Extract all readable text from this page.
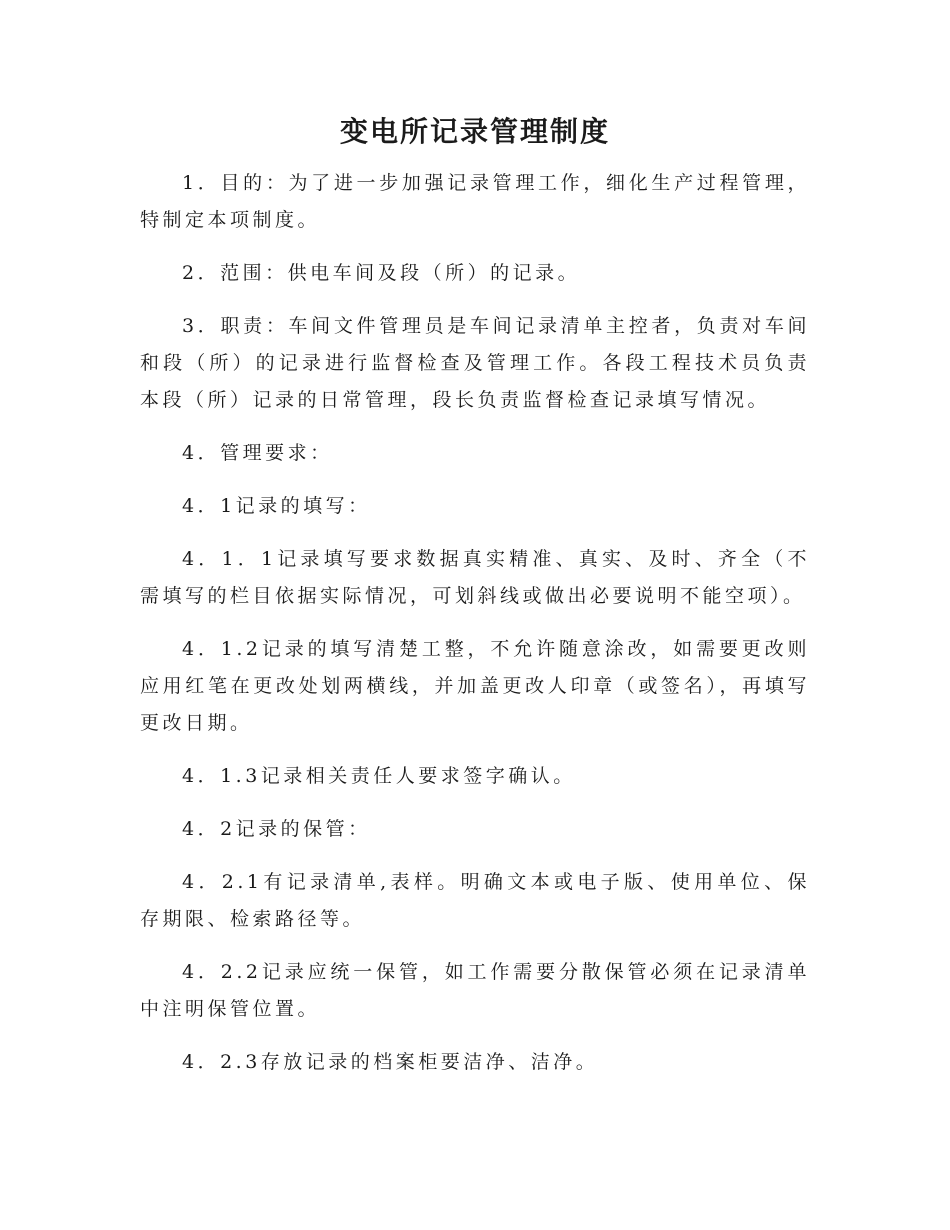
变电所记录管理制度

1．目的：为了进一步加强记录管理工作，细化生产过程管理，特制定本项制度。

2．范围：供电车间及段（所）的记录。

3．职责：车间文件管理员是车间记录清单主控者，负责对车间和段（所）的记录进行监督检查及管理工作。各段工程技术员负责本段（所）记录的日常管理，段长负责监督检查记录填写情况。

4．管理要求：

4．1记录的填写：

4．1．1记录填写要求数据真实精准、真实、及时、齐全（不需填写的栏目依据实际情况，可划斜线或做出必要说明不能空项）。

4．1.2记录的填写清楚工整，不允许随意涂改，如需要更改则应用红笔在更改处划两横线，并加盖更改人印章（或签名），再填写更改日期。

4．1.3记录相关责任人要求签字确认。

4．2记录的保管：

4．2.1有记录清单,表样。明确文本或电子版、使用单位、保存期限、检索路径等。

4．2.2记录应统一保管，如工作需要分散保管必须在记录清单中注明保管位置。

4．2.3存放记录的档案柜要洁净、洁净。
